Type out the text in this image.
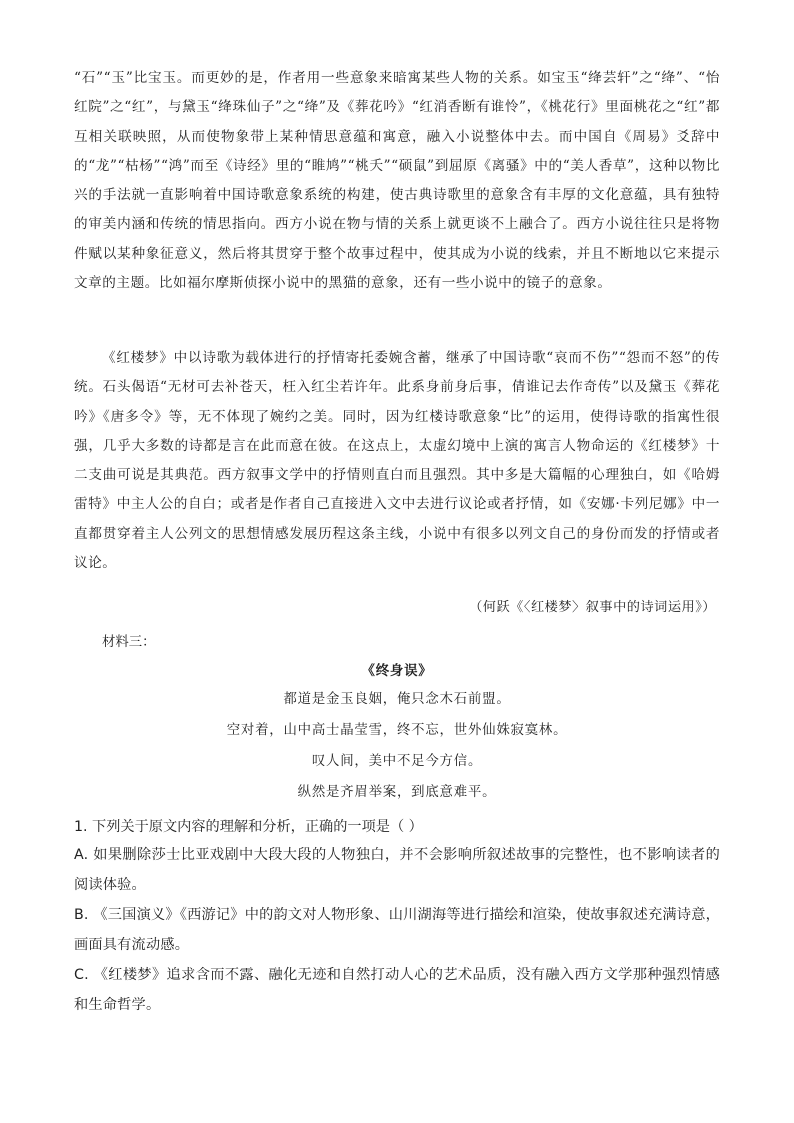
“石”“玉”比宝玉。而更妙的是，作者用一些意象来暗寓某些人物的关系。如宝玉“绛芸轩”之“绛”、“怡红院”之“红”，与黛玉“绛珠仙子”之“绛”及《葬花吟》“红消香断有谁怜”，《桃花行》里面桃花之“红”都互相关联映照，从而使物象带上某种情思意蕴和寓意，融入小说整体中去。而中国自《周易》爻辞中的“龙”“枯杨”“鸿”而至《诗经》里的“睢鸠”“桃夭”“硕鼠”到屈原《离骚》中的“美人香草”，这种以物比兴的手法就一直影响着中国诗歌意象系统的构建，使古典诗歌里的意象含有丰厚的文化意蕴，具有独特的审美内涵和传统的情思指向。西方小说在物与情的关系上就更谈不上融合了。西方小说往往只是将物件赋以某种象征意义，然后将其贯穿于整个故事过程中，使其成为小说的线索，并且不断地以它来提示文章的主题。比如福尔摩斯侦探小说中的黑猫的意象，还有一些小说中的镜子的意象。

《红楼梦》中以诗歌为载体进行的抒情寄托委婉含蓄，继承了中国诗歌“哀而不伤”“怨而不怒”的传统。石头偈语“无材可去补苍天，枉入红尘若许年。此系身前身后事，倩谁记去作奇传”以及黛玉《葬花吟》《唐多令》等，无不体现了婉约之美。同时，因为红楼诗歌意象“比”的运用，使得诗歌的指寓性很强，几乎大多数的诗都是言在此而意在彼。在这点上，太虚幻境中上演的寓言人物命运的《红楼梦》十二支曲可说是其典范。西方叙事文学中的抒情则直白而且强烈。其中多是大篇幅的心理独白，如《哈姆雷特》中主人公的自白；或者是作者自己直接进入文中去进行议论或者抒情，如《安娜·卡列尼娜》中一直都贯穿着主人公列文的思想情感发展历程这条主线，小说中有很多以列文自己的身份而发的抒情或者议论。

（何跃《〈红楼梦〉叙事中的诗词运用》）

材料三：

《终身误》
都道是金玉良姻，俺只念木石前盟。
空对着，山中高士晶莹雪，终不忘，世外仙姝寂寞林。
叹人间，美中不足今方信。
纵然是齐眉举案，到底意难平。

1. 下列关于原文内容的理解和分析，正确的一项是（ ）

A. 如果删除莎士比亚戏剧中大段大段的人物独白，并不会影响所叙述故事的完整性，也不影响读者的阅读体验。

B. 《三国演义》《西游记》中的韵文对人物形象、山川湖海等进行描绘和渲染，使故事叙述充满诗意，画面具有流动感。

C. 《红楼梦》追求含而不露、融化无迹和自然打动人心的艺术品质，没有融入西方文学那种强烈情感和生命哲学。
